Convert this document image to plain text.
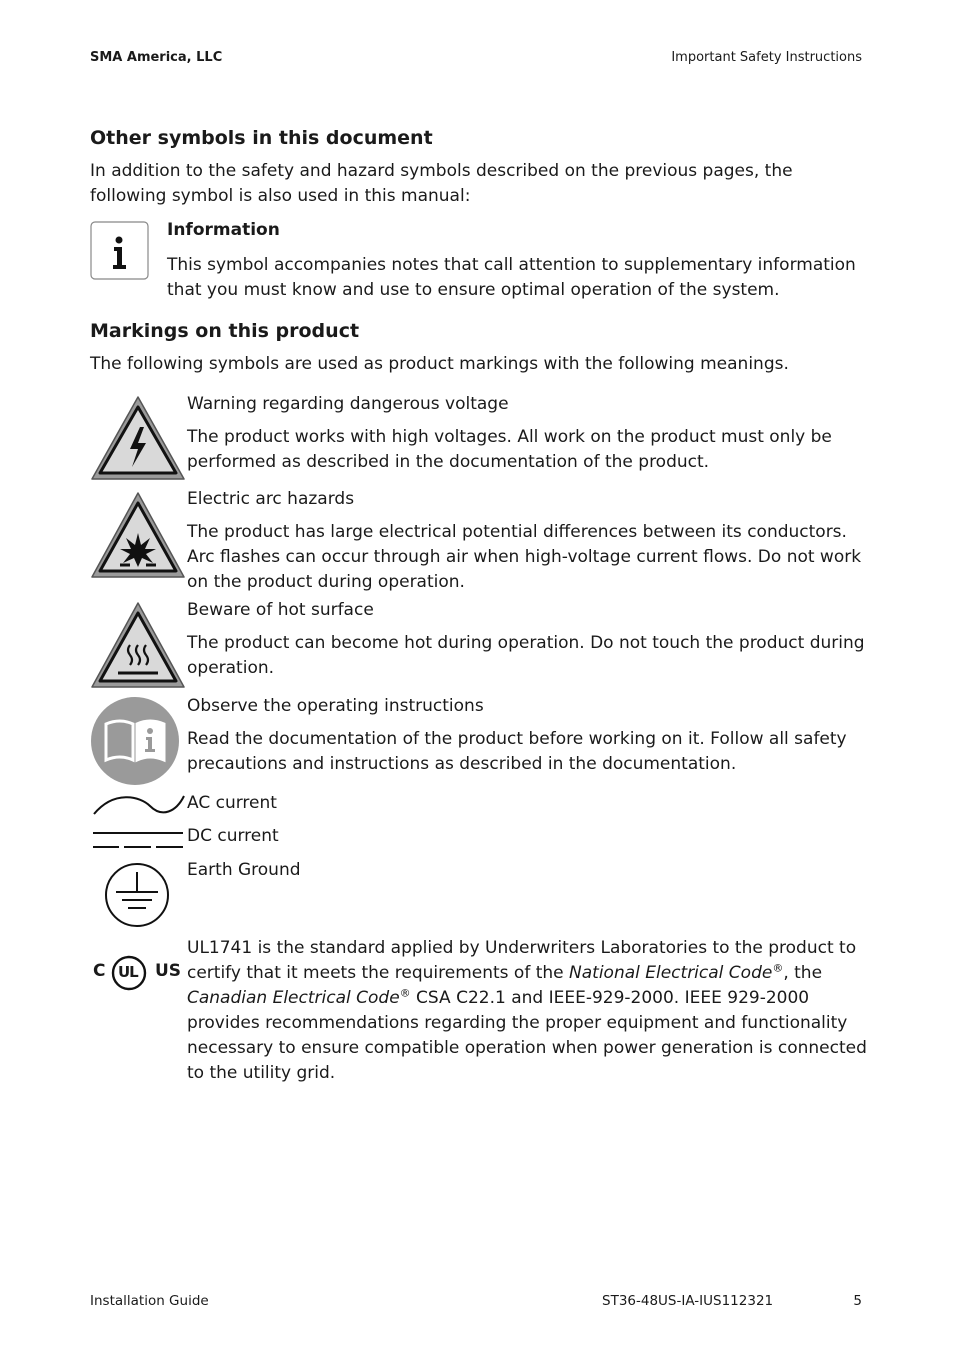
SMA America, LLC	Important Safety Instructions
Other symbols in this document
In addition to the safety and hazard symbols described on the previous pages, the following symbol is also used in this manual:
Information
This symbol accompanies notes that call attention to supplementary information that you must know and use to ensure optimal operation of the system.
Markings on this product
The following symbols are used as product markings with the following meanings.
Warning regarding dangerous voltage
The product works with high voltages. All work on the product must only be performed as described in the documentation of the product.
Electric arc hazards
The product has large electrical potential differences between its conductors. Arc flashes can occur through air when high-voltage current flows. Do not work on the product during operation.
Beware of hot surface
The product can become hot during operation. Do not touch the product during operation.
Observe the operating instructions
Read the documentation of the product before working on it. Follow all safety precautions and instructions as described in the documentation.
AC current
DC current
Earth Ground
C UL US
UL1741 is the standard applied by Underwriters Laboratories to the product to certify that it meets the requirements of the National Electrical Code®, the Canadian Electrical Code® CSA C22.1 and IEEE-929-2000. IEEE 929-2000 provides recommendations regarding the proper equipment and functionality necessary to ensure compatible operation when power generation is connected to the utility grid.
Installation Guide	ST36-48US-IA-IUS112321	5
